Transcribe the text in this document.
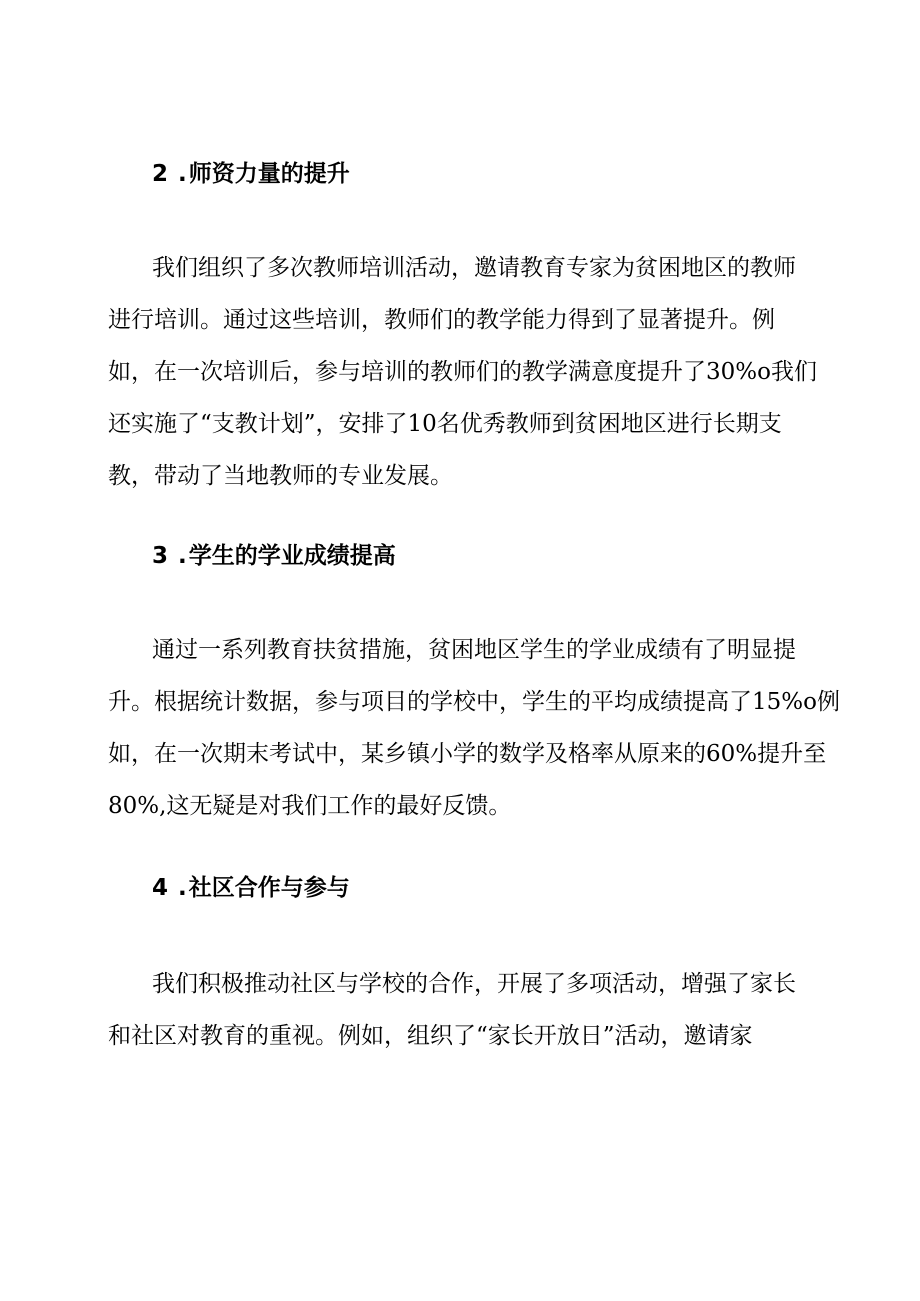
2 .师资力量的提升
我们组织了多次教师培训活动，邀请教育专家为贫困地区的教师
进行培训。通过这些培训，教师们的教学能力得到了显著提升。例
如，在一次培训后，参与培训的教师们的教学满意度提升了30%o我们
还实施了“支教计划”，安排了10名优秀教师到贫困地区进行长期支
教，带动了当地教师的专业发展。
3 .学生的学业成绩提高
通过一系列教育扶贫措施，贫困地区学生的学业成绩有了明显提
升。根据统计数据，参与项目的学校中，学生的平均成绩提高了15%o例
如，在一次期末考试中，某乡镇小学的数学及格率从原来的60%提升至
80%,这无疑是对我们工作的最好反馈。
4 .社区合作与参与
我们积极推动社区与学校的合作，开展了多项活动，增强了家长
和社区对教育的重视。例如，组织了“家长开放日”活动，邀请家
